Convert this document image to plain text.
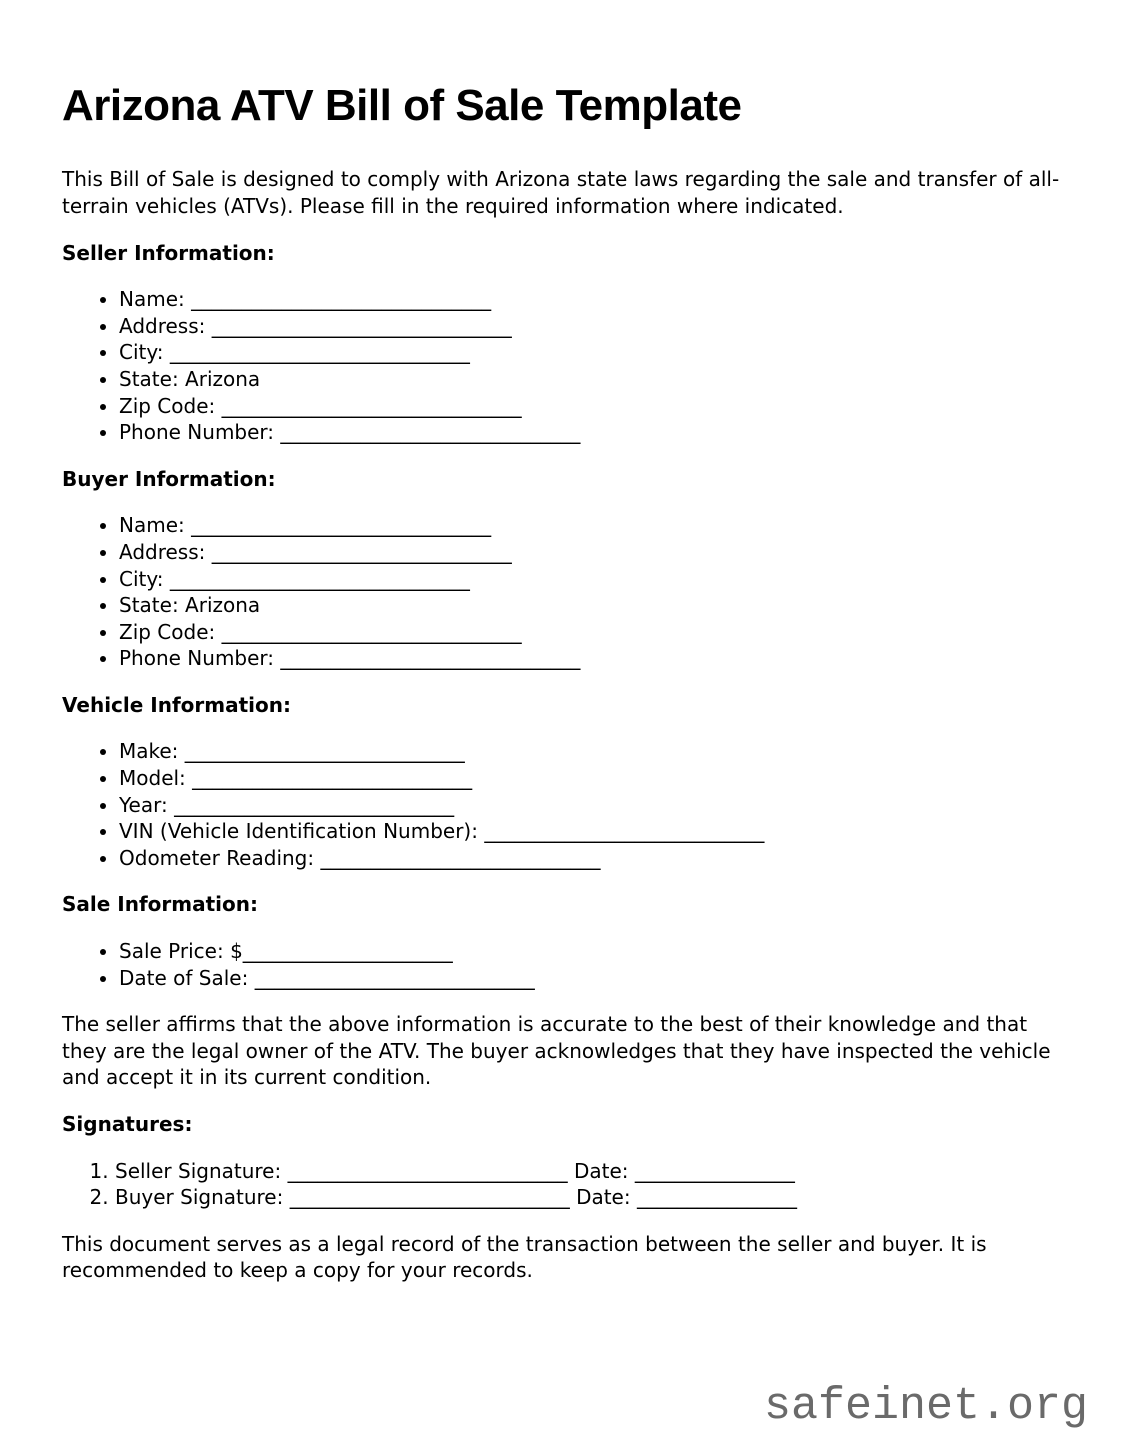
Arizona ATV Bill of Sale Template

This Bill of Sale is designed to comply with Arizona state laws regarding the sale and transfer of all-terrain vehicles (ATVs). Please fill in the required information where indicated.

Seller Information:
• Name: ______________________________
• Address: ______________________________
• City: ______________________________
• State: Arizona
• Zip Code: ______________________________
• Phone Number: ______________________________
Buyer Information:
• Name: ______________________________
• Address: ______________________________
• City: ______________________________
• State: Arizona
• Zip Code: ______________________________
• Phone Number: ______________________________
Vehicle Information:
• Make: ____________________________
• Model: ____________________________
• Year: ____________________________
• VIN (Vehicle Identification Number): ____________________________
• Odometer Reading: ____________________________
Sale Information:
• Sale Price: $_____________________
• Date of Sale: ____________________________

The seller affirms that the above information is accurate to the best of their knowledge and that they are the legal owner of the ATV. The buyer acknowledges that they have inspected the vehicle and accept it in its current condition.

Signatures:
1. Seller Signature: ____________________________ Date: ________________
2. Buyer Signature: ____________________________ Date: ________________

This document serves as a legal record of the transaction between the seller and buyer. It is recommended to keep a copy for your records.

safeinet.org
